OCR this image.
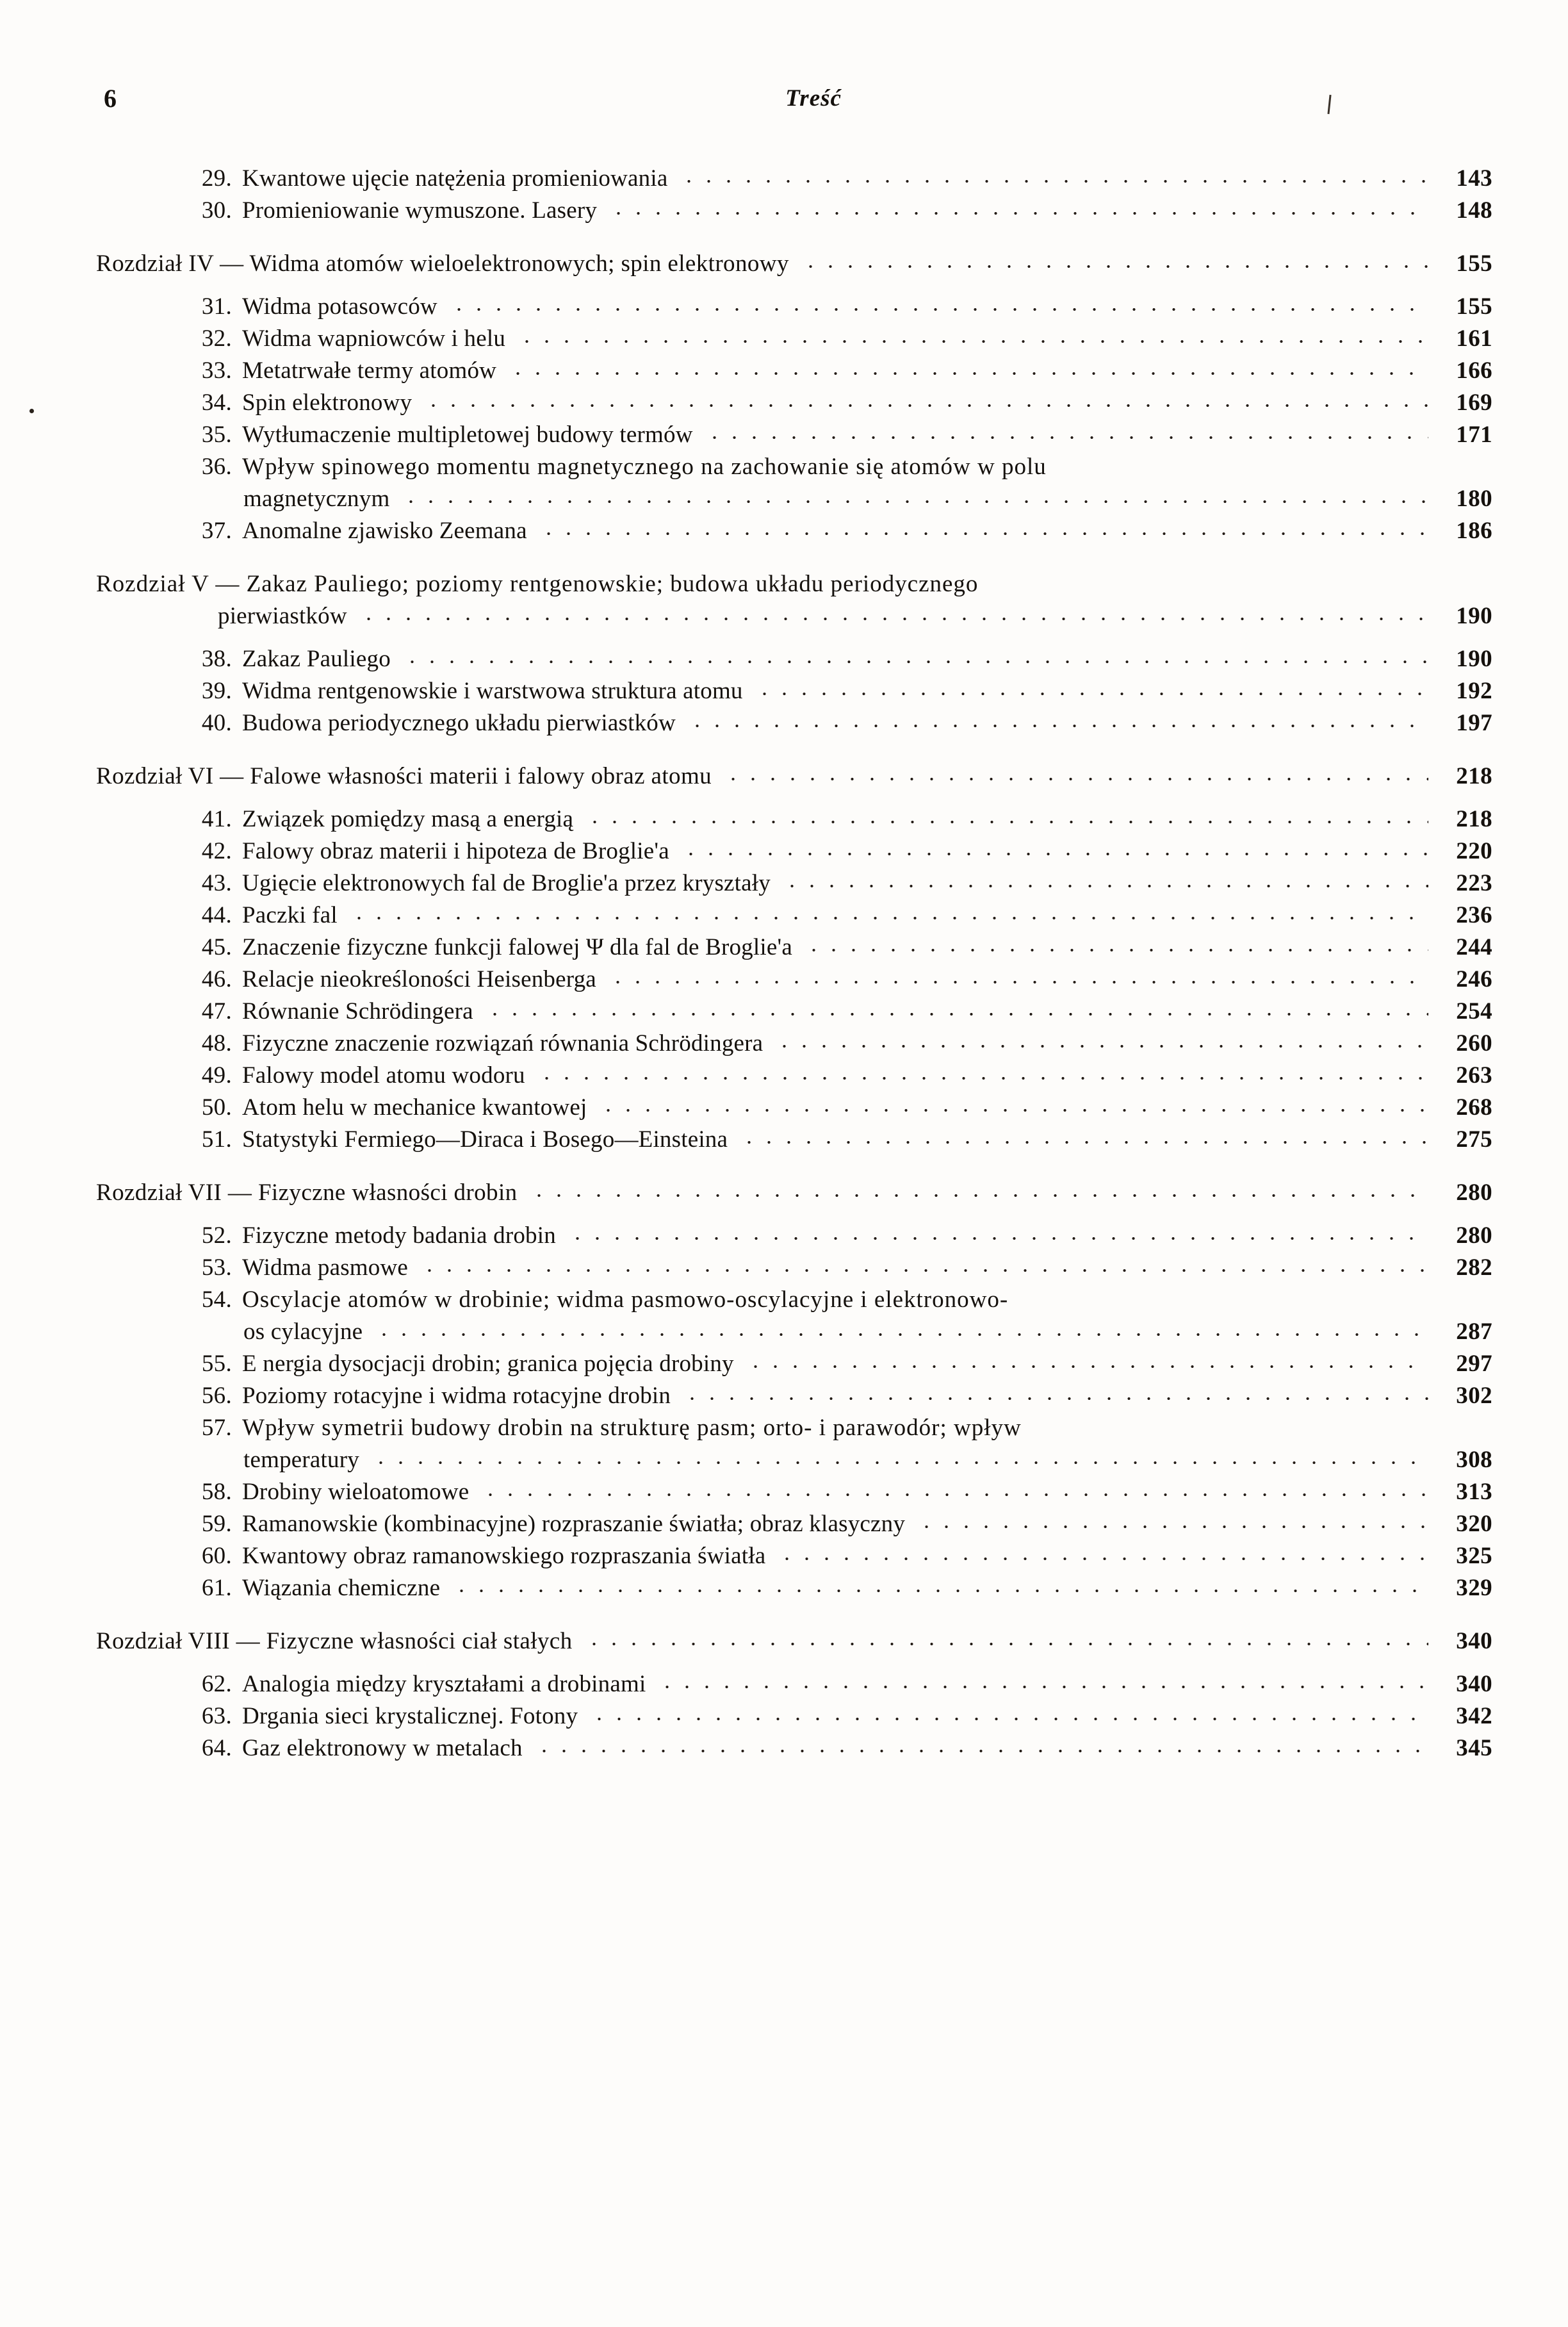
6	Treść
29. Kwantowe ujęcie natężenia promieniowania	143
30. Promieniowanie wymuszone. Lasery	148
Rozdział IV — Widma atomów wieloelektronowych; spin elektronowy	155
31. Widma potasowców	155
32. Widma wapniowców i helu	161
33. Metatrwałe termy atomów	166
34. Spin elektronowy	169
35. Wytłumaczenie multipletowej budowy termów	171
36. Wpływ spinowego momentu magnetycznego na zachowanie się atomów w polu
magnetycznym	180
37. Anomalne zjawisko Zeemana	186
Rozdział V — Zakaz Pauliego; poziomy rentgenowskie; budowa układu periodycznego
pierwiastków	190
38. Zakaz Pauliego	190
39. Widma rentgenowskie i warstwowa struktura atomu	192
40. Budowa periodycznego układu pierwiastków	197
Rozdział VI — Falowe własności materii i falowy obraz atomu	218
41. Związek pomiędzy masą a energią	218
42. Falowy obraz materii i hipoteza de Broglie'a	220
43. Ugięcie elektronowych fal de Broglie'a przez kryształy	223
44. Paczki fal	236
45. Znaczenie fizyczne funkcji falowej Ψ dla fal de Broglie'a	244
46. Relacje nieokreśloności Heisenberga	246
47. Równanie Schrödingera	254
48. Fizyczne znaczenie rozwiązań równania Schrödingera	260
49. Falowy model atomu wodoru	263
50. Atom helu w mechanice kwantowej	268
51. Statystyki Fermiego—Diraca i Bosego—Einsteina	275
Rozdział VII — Fizyczne własności drobin	280
52. Fizyczne metody badania drobin	280
53. Widma pasmowe	282
54. Oscylacje atomów w drobinie; widma pasmowo-oscylacyjne i elektronowo-
os cylacyjne	287
55. E nergia dysocjacji drobin; granica pojęcia drobiny	297
56. Poziomy rotacyjne i widma rotacyjne drobin	302
57. Wpływ symetrii budowy drobin na strukturę pasm; orto- i parawodór; wpływ
temperatury	308
58. Drobiny wieloatomowe	313
59. Ramanowskie (kombinacyjne) rozpraszanie światła; obraz klasyczny	320
60. Kwantowy obraz ramanowskiego rozpraszania światła	325
61. Wiązania chemiczne	329
Rozdział VIII — Fizyczne własności ciał stałych	340
62. Analogia między kryształami a drobinami	340
63. Drgania sieci krystalicznej. Fotony	342
64. Gaz elektronowy w metalach	345
